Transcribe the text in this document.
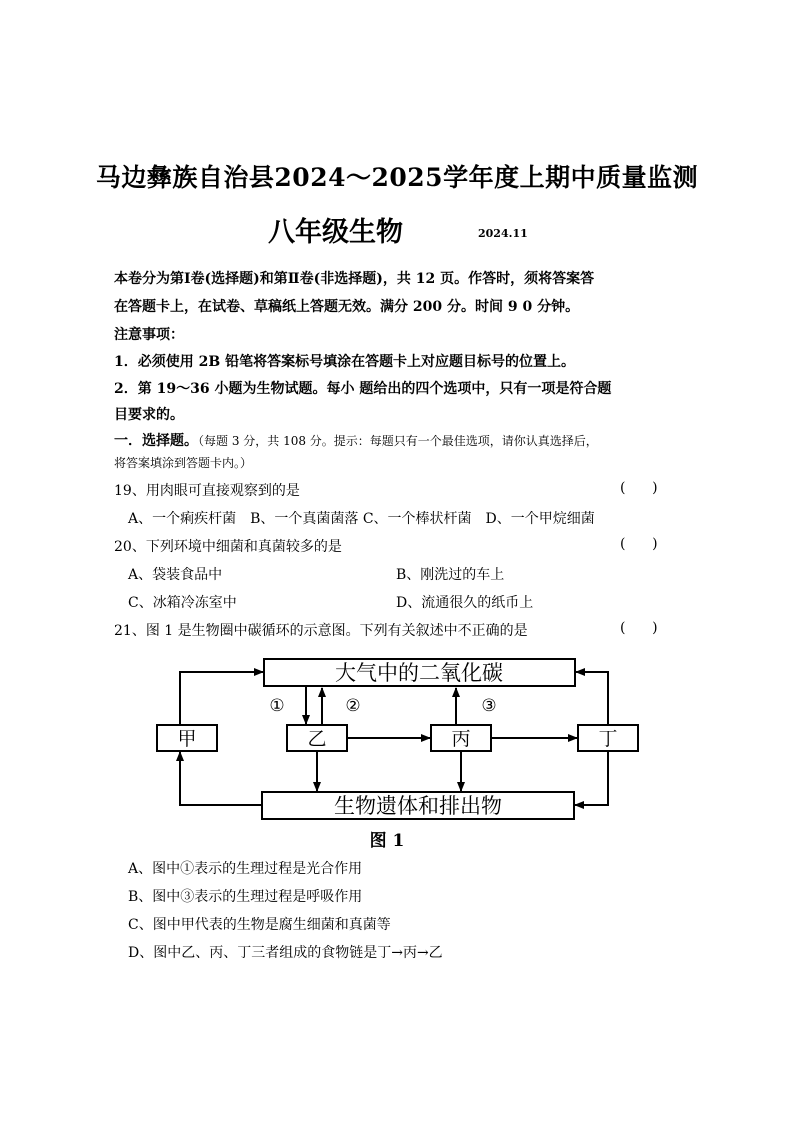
马边彝族自治县2024～2025学年度上期中质量监测
八年级生物	2024.11
本卷分为第Ⅰ卷(选择题)和第Ⅱ卷(非选择题)，共 12 页。作答时，须将答案答
在答题卡上，在试卷、草稿纸上答题无效。满分 200 分。时间 9 0 分钟。
注意事项：
1．必须使用 2B 铅笔将答案标号填涂在答题卡上对应题目标号的位置上。
2．第 19～36 小题为生物试题。每小 题给出的四个选项中，只有一项是符合题
目要求的。
一．选择题。（每题 3 分，共 108 分。提示：每题只有一个最佳选项，请你认真选择后，
将答案填涂到答题卡内。）
19、用肉眼可直接观察到的是	(      )
A、一个痢疾杆菌　B、一个真菌菌落 C、一个棒状杆菌　D、一个甲烷细菌
20、下列环境中细菌和真菌较多的是	(      )
A、袋装食品中	B、刚洗过的车上
C、冰箱冷冻室中	D、流通很久的纸币上
21、图 1 是生物圈中碳循环的示意图。下列有关叙述中不正确的是	(      )
大气中的二氧化碳
生物遗体和排出物
甲	乙	丙	丁
①	②	③
图 1
A、图中①表示的生理过程是光合作用
B、图中③表示的生理过程是呼吸作用
C、图中甲代表的生物是腐生细菌和真菌等
D、图中乙、丙、丁三者组成的食物链是丁→丙→乙
